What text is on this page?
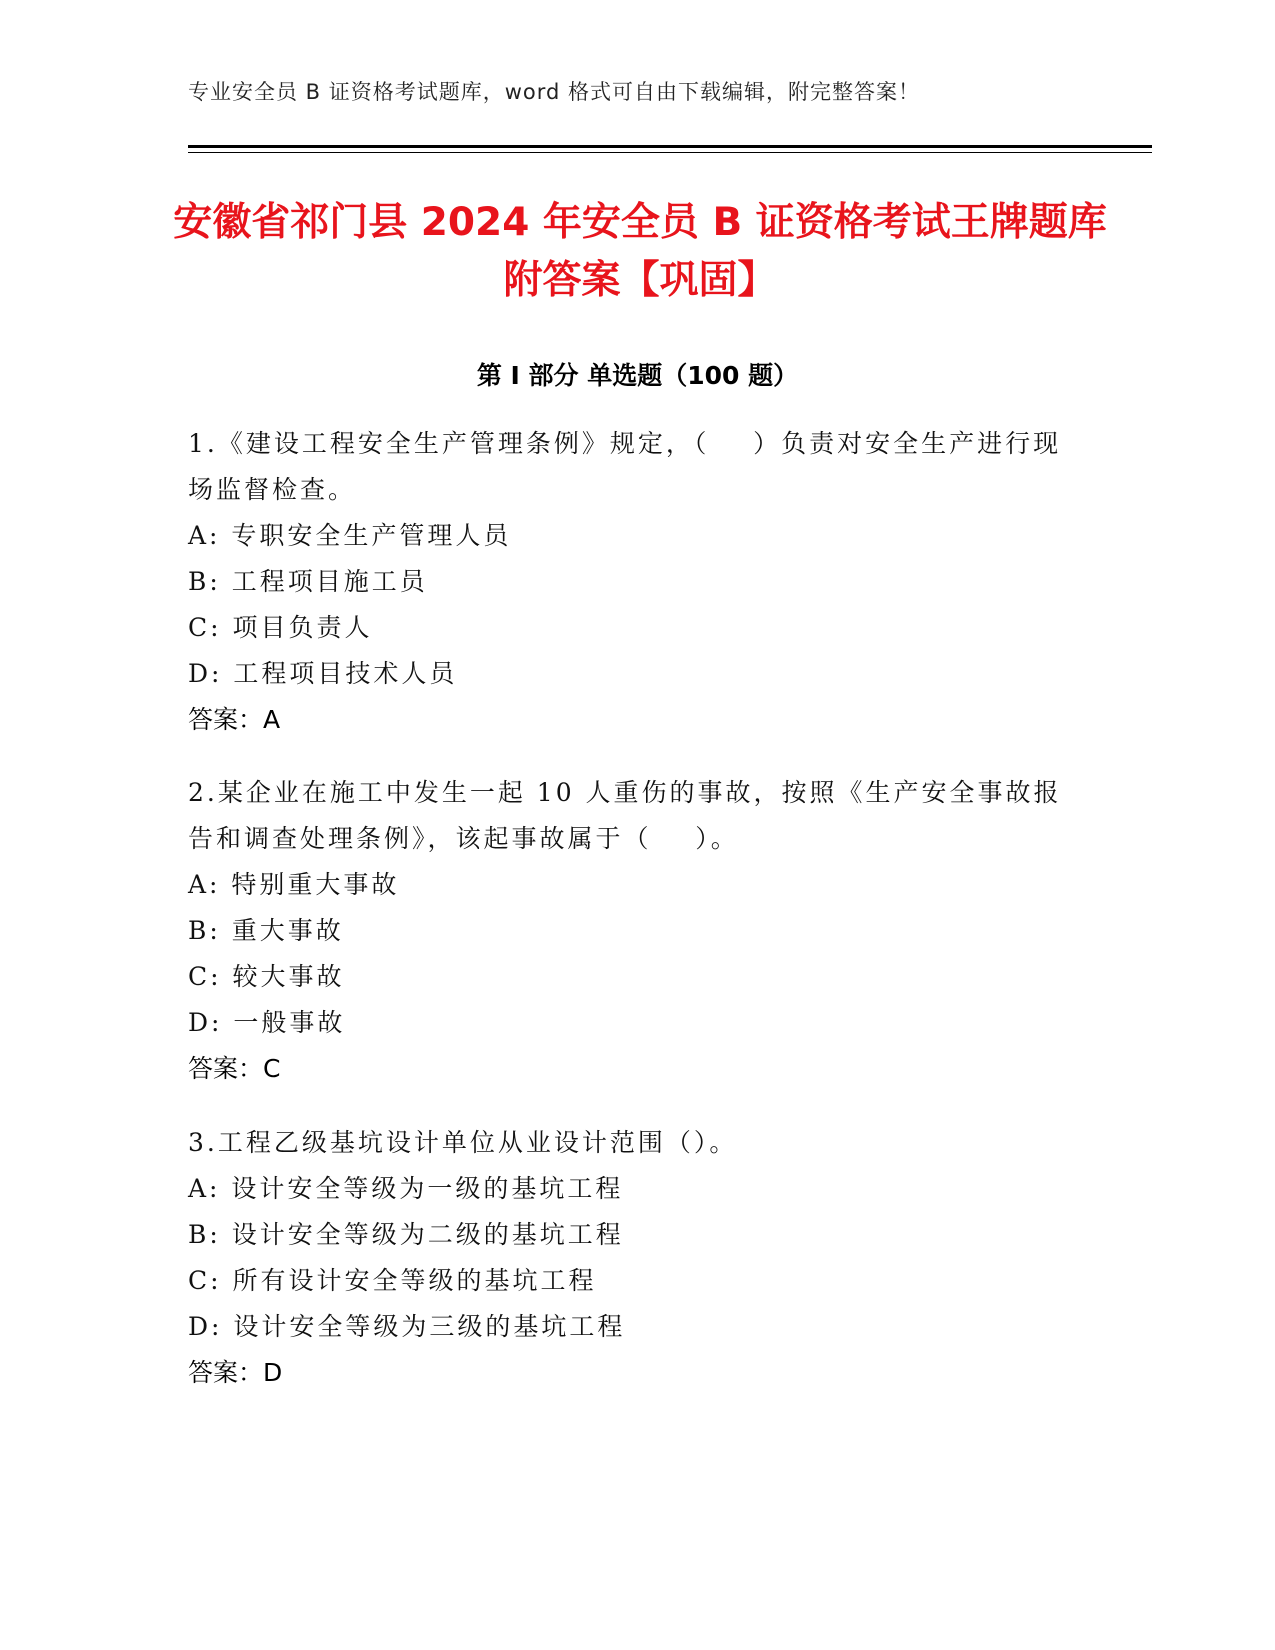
专业安全员 B 证资格考试题库，word 格式可自由下载编辑，附完整答案！
安徽省祁门县 2024 年安全员 B 证资格考试王牌题库附答案【巩固】
第 I 部分 单选题（100 题）
1.《建设工程安全生产管理条例》规定，（    ）负责对安全生产进行现场监督检查。
A: 专职安全生产管理人员
B: 工程项目施工员
C: 项目负责人
D: 工程项目技术人员
答案：A
2.某企业在施工中发生一起 10 人重伤的事故，按照《生产安全事故报告和调查处理条例》，该起事故属于（    ）。
A: 特别重大事故
B: 重大事故
C: 较大事故
D: 一般事故
答案：C
3.工程乙级基坑设计单位从业设计范围（）。
A: 设计安全等级为一级的基坑工程
B: 设计安全等级为二级的基坑工程
C: 所有设计安全等级的基坑工程
D: 设计安全等级为三级的基坑工程
答案：D
